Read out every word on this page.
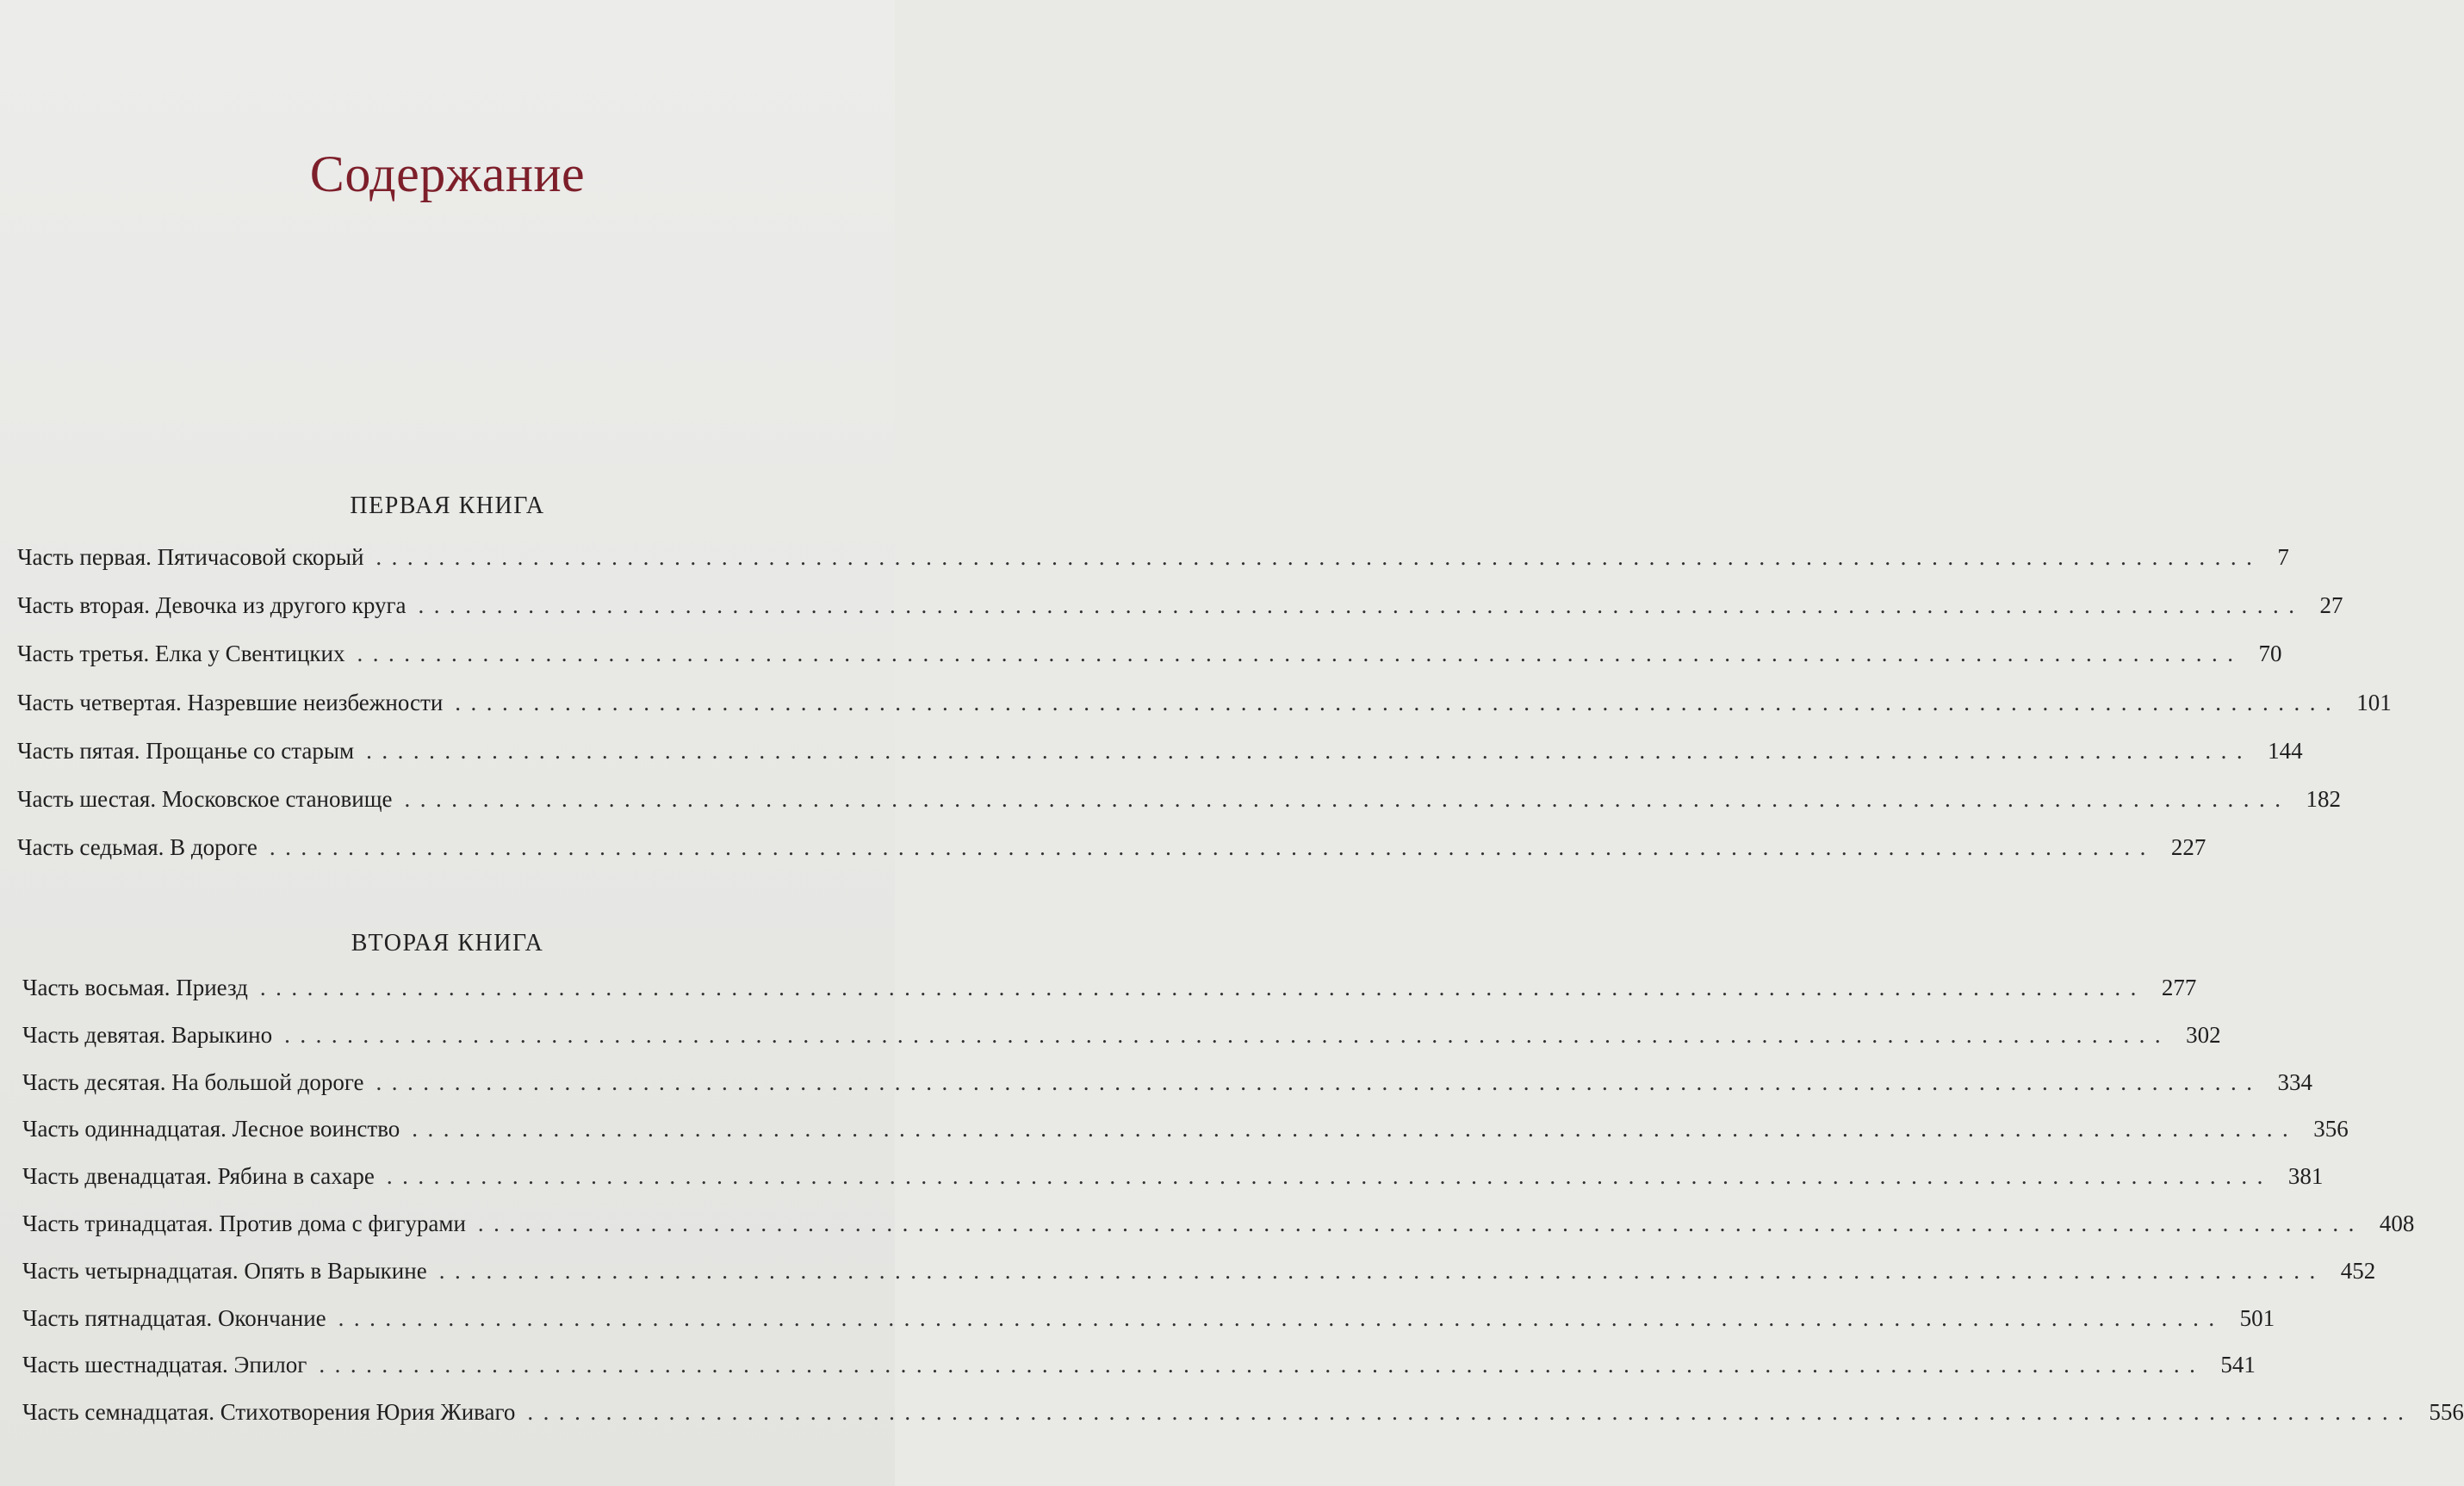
Содержание
ПЕРВАЯ КНИГА
Часть первая. Пятичасовой скорый ........................................................................................................................ 7
Часть вторая. Девочка из другого круга ........................................................................................................................ 27
Часть третья. Елка у Свентицких ........................................................................................................................ 70
Часть четвертая. Назревшие неизбежности ........................................................................................................................ 101
Часть пятая. Прощанье со старым ........................................................................................................................ 144
Часть шестая. Московское становище ........................................................................................................................ 182
Часть седьмая. В дороге ........................................................................................................................ 227
ВТОРАЯ КНИГА
Часть восьмая. Приезд ........................................................................................................................ 277
Часть девятая. Варыкино ........................................................................................................................ 302
Часть десятая. На большой дороге ........................................................................................................................ 334
Часть одиннадцатая. Лесное воинство ........................................................................................................................ 356
Часть двенадцатая. Рябина в сахаре ........................................................................................................................ 381
Часть тринадцатая. Против дома с фигурами ........................................................................................................................ 408
Часть четырнадцатая. Опять в Варыкине ........................................................................................................................ 452
Часть пятнадцатая. Окончание ........................................................................................................................ 501
Часть шестнадцатая. Эпилог ........................................................................................................................ 541
Часть семнадцатая. Стихотворения Юрия Живаго ........................................................................................................................ 556
